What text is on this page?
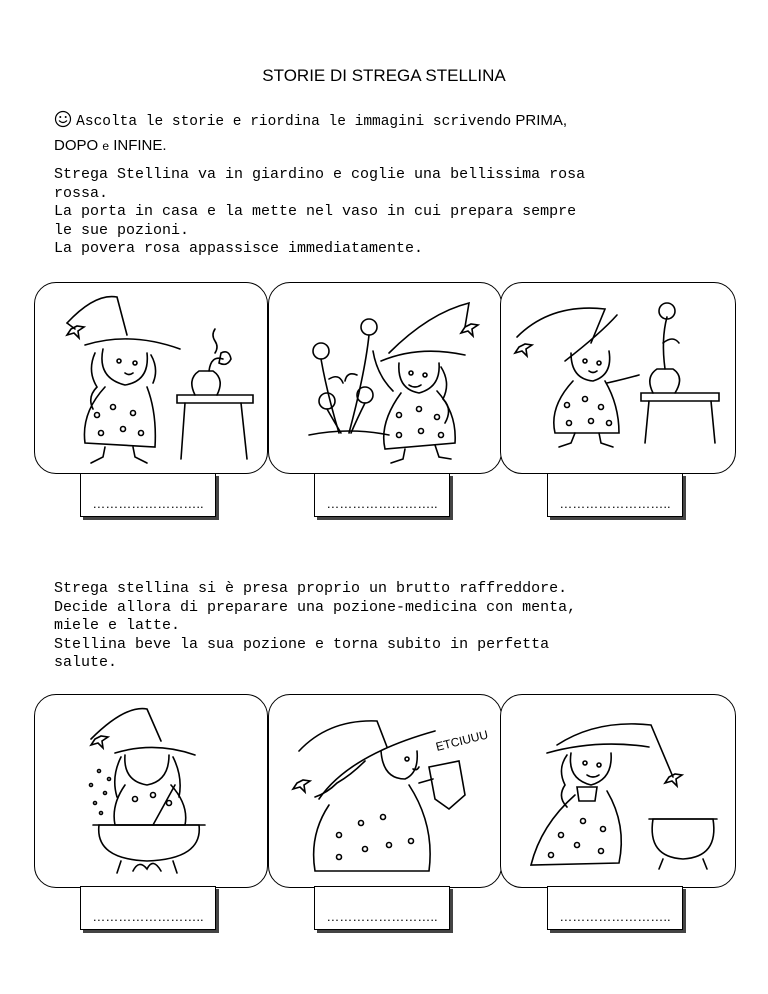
STORIE DI STREGA STELLINA
Ascolta le storie e riordina le immagini scrivendo PRIMA,
DOPO e INFINE.
Strega Stellina va in giardino e coglie una bellissima rosa
rossa.
La porta in casa e la mette nel vaso in cui prepara sempre
le sue pozioni.
La povera rosa appassisce immediatamente.
……………………..	……………………..	……………………..
Strega stellina si è presa proprio un brutto raffreddore.
Decide allora di preparare una pozione-medicina con menta,
miele e latte.
Stellina beve la sua pozione e torna subito in perfetta
salute.
ETCIUUU
……………………..	……………………..	……………………..
